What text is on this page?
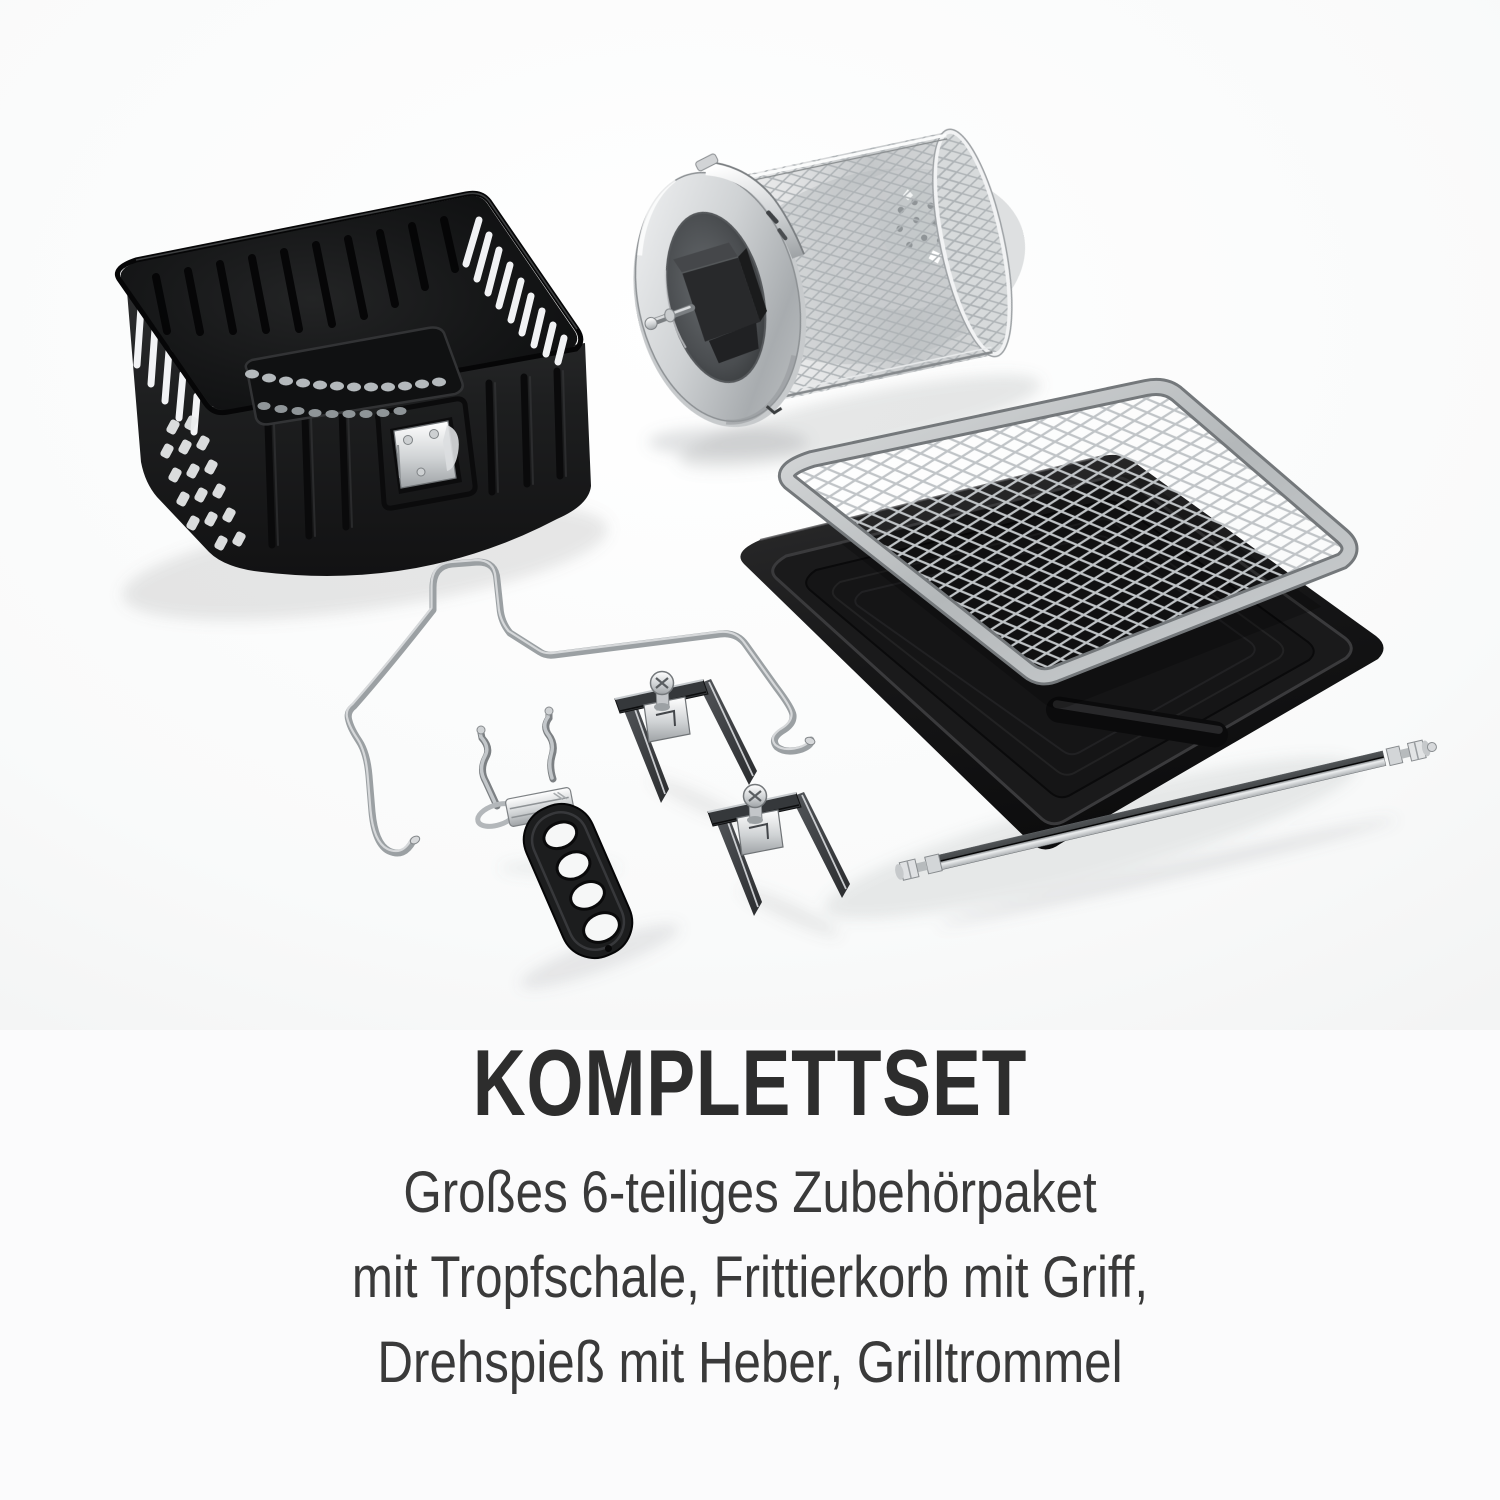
KOMPLETTSET

Großes 6-teiliges Zubehörpaket

mit Tropfschale, Frittierkorb mit Griff,

Drehspieß mit Heber, Grilltrommel
